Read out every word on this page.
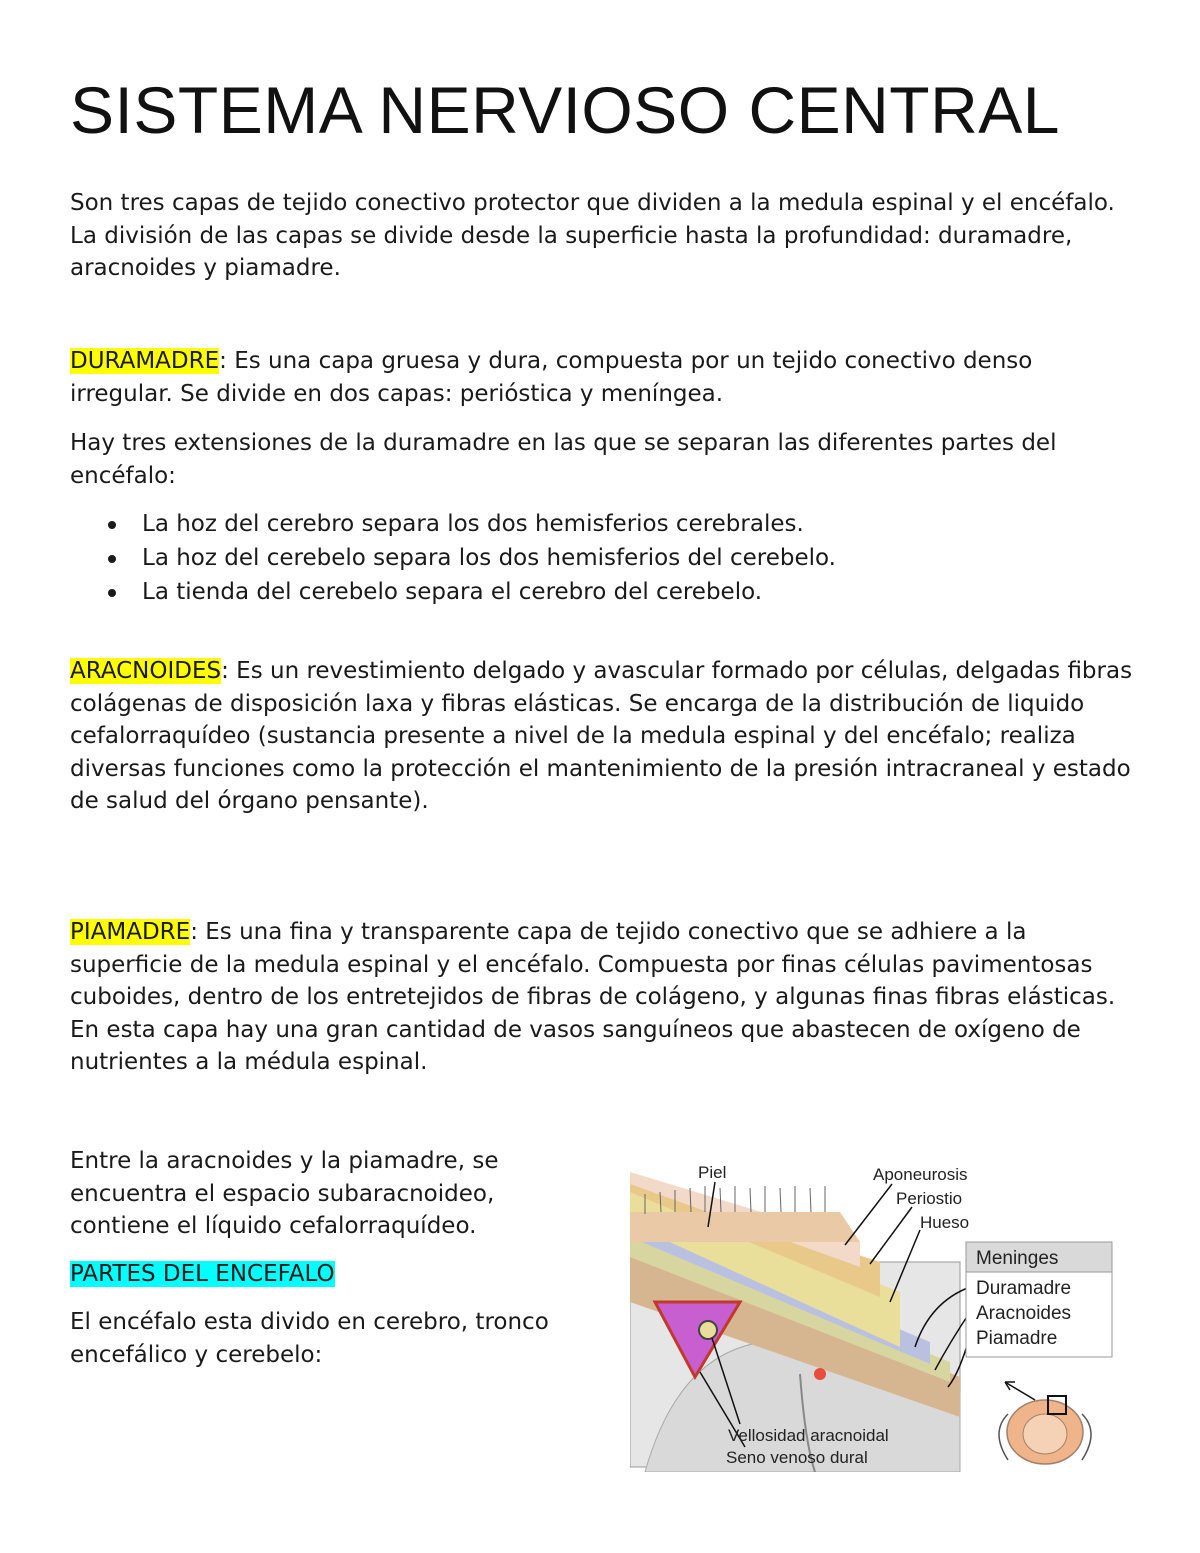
SISTEMA NERVIOSO CENTRAL

Son tres capas de tejido conectivo protector que dividen a la medula espinal y el encéfalo. La división de las capas se divide desde la superficie hasta la profundidad: duramadre, aracnoides y piamadre.

DURAMADRE: Es una capa gruesa y dura, compuesta por un tejido conectivo denso irregular. Se divide en dos capas: perióstica y meníngea.

Hay tres extensiones de la duramadre en las que se separan las diferentes partes del encéfalo:

La hoz del cerebro separa los dos hemisferios cerebrales.
La hoz del cerebelo separa los dos hemisferios del cerebelo.
La tienda del cerebelo separa el cerebro del cerebelo.

ARACNOIDES: Es un revestimiento delgado y avascular formado por células, delgadas fibras colágenas de disposición laxa y fibras elásticas. Se encarga de la distribución de liquido cefalorraquídeo (sustancia presente a nivel de la medula espinal y del encéfalo; realiza diversas funciones como la protección el mantenimiento de la presión intracraneal y estado de salud del órgano pensante).

PIAMADRE: Es una fina y transparente capa de tejido conectivo que se adhiere a la superficie de la medula espinal y el encéfalo. Compuesta por finas células pavimentosas cuboides, dentro de los entretejidos de fibras de colágeno, y algunas finas fibras elásticas. En esta capa hay una gran cantidad de vasos sanguíneos que abastecen de oxígeno de nutrientes a la médula espinal.

Entre la aracnoides y la piamadre, se encuentra el espacio subaracnoideo, contiene el líquido cefalorraquídeo.

PARTES DEL ENCEFALO

El encéfalo esta divido en cerebro, tronco encefálico y cerebelo:

Piel	Aponeurosis
Periostio
Hueso
Meninges
Duramadre
Aracnoides
Piamadre
Vellosidad aracnoidal
Seno venoso dural
